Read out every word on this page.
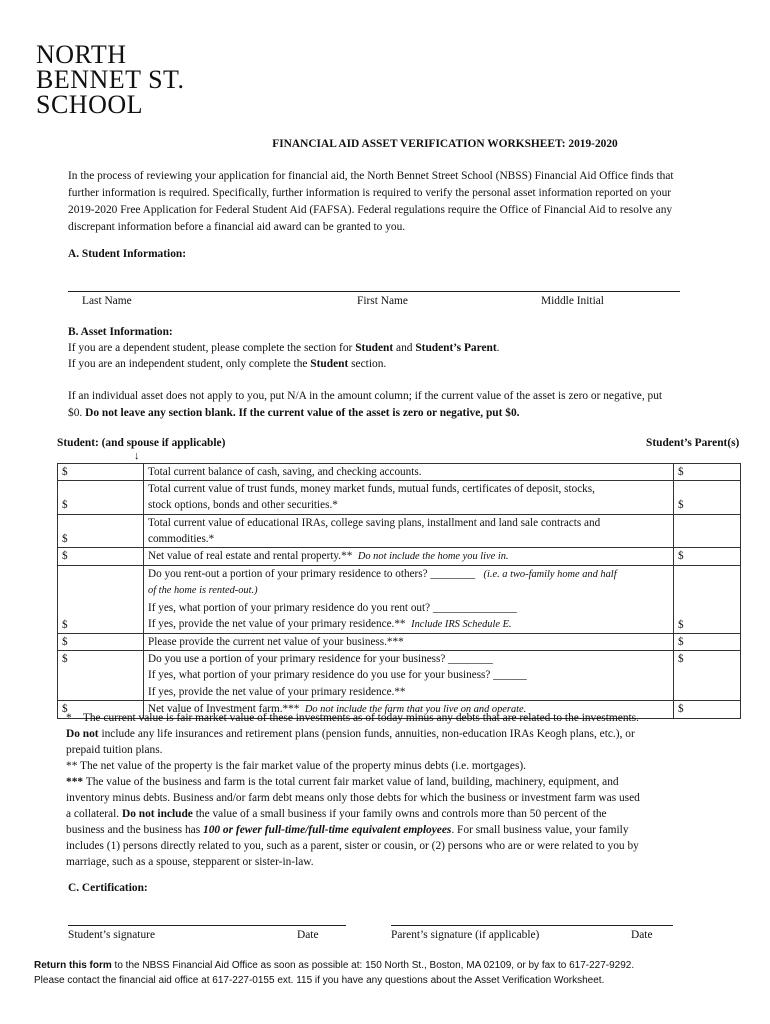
NORTH
BENNET ST.
SCHOOL
FINANCIAL AID ASSET VERIFICATION WORKSHEET: 2019-2020
In the process of reviewing your application for financial aid, the North Bennet Street School (NBSS) Financial Aid Office finds that further information is required. Specifically, further information is required to verify the personal asset information reported on your 2019-2020 Free Application for Federal Student Aid (FAFSA). Federal regulations require the Office of Financial Aid to resolve any discrepant information before a financial aid award can be granted to you.
A. Student Information:
Last Name	First Name	Middle Initial
B. Asset Information:
If you are a dependent student, please complete the section for Student and Student’s Parent.
If you are an independent student, only complete the Student section.
If an individual asset does not apply to you, put N/A in the amount column; if the current value of the asset is zero or negative, put $0. Do not leave any section blank. If the current value of the asset is zero or negative, put $0.
Student: (and spouse if applicable)	Student’s Parent(s)
↓
$	Total current balance of cash, saving, and checking accounts.	$
$	Total current value of trust funds, money market funds, mutual funds, certificates of deposit, stocks,
stock options, bonds and other securities.*	$
$	Total current value of educational IRAs, college saving plans, installment and land sale contracts and
commodities.*	

$	Net value of real estate and rental property.** Do not include the home you live in.	$
$	Do you rent-out a portion of your primary residence to others? ________ (i.e. a two-family home and half
of the home is rented-out.)
If yes, what portion of your primary residence do you rent out? _______________
If yes, provide the net value of your primary residence.** Include IRS Schedule E.	$
$	Please provide the current net value of your business.***	$
$	Do you use a portion of your primary residence for your business? ________
If yes, what portion of your primary residence do you use for your business? ______
If yes, provide the net value of your primary residence.**	$
$	Net value of Investment farm.*** Do not include the farm that you live on and operate.	$
* The current value is fair market value of these investments as of today minus any debts that are related to the investments.
Do not include any life insurances and retirement plans (pension funds, annuities, non-education IRAs Keogh plans, etc.), or
prepaid tuition plans.
** The net value of the property is the fair market value of the property minus debts (i.e. mortgages).
*** The value of the business and farm is the total current fair market value of land, building, machinery, equipment, and
inventory minus debts. Business and/or farm debt means only those debts for which the business or investment farm was used
a collateral. Do not include the value of a small business if your family owns and controls more than 50 percent of the
business and the business has 100 or fewer full-time/full-time equivalent employees. For small business value, your family
includes (1) persons directly related to you, such as a parent, sister or cousin, or (2) persons who are or were related to you by
marriage, such as a spouse, stepparent or sister-in-law.
C. Certification:
Student’s signature	Date	Parent’s signature (if applicable)	Date
Return this form to the NBSS Financial Aid Office as soon as possible at: 150 North St., Boston, MA 02109, or by fax to 617-227-9292.
Please contact the financial aid office at 617-227-0155 ext. 115 if you have any questions about the Asset Verification Worksheet.
